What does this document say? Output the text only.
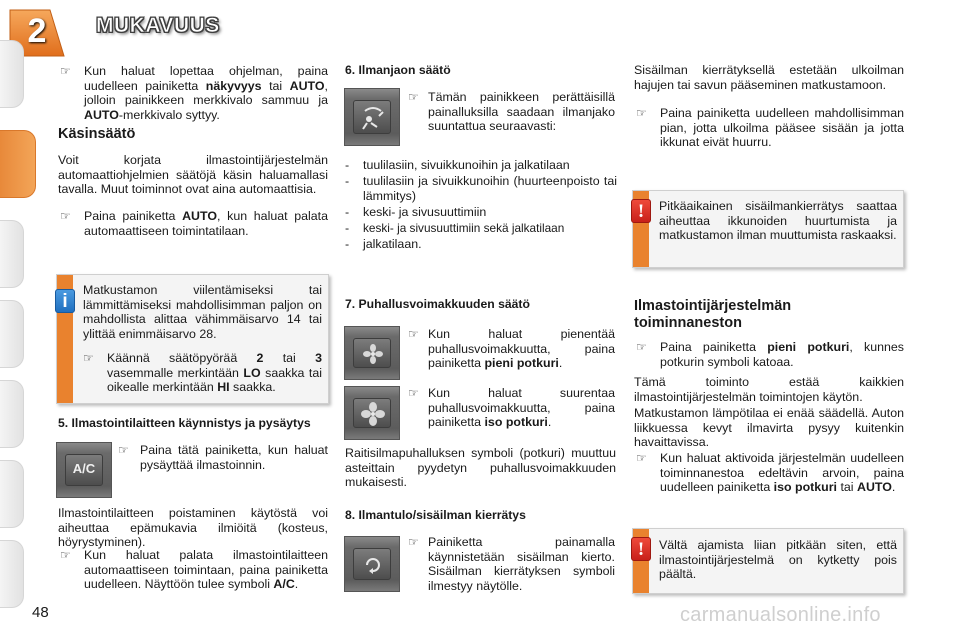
2	MUKAVUUS
☞ Kun haluat lopettaa ohjelman, paina uudelleen painiketta näkyvyys tai AUTO, jolloin painikkeen merkkivalo sammuu ja AUTO-merkkivalo syttyy.
Käsinsäätö
Voit korjata ilmastointijärjestelmän automaattiohjelmien säätöjä käsin haluamallasi tavalla. Muut toiminnot ovat aina automaattisia.
☞ Paina painiketta AUTO, kun haluat palata automaattiseen toimintatilaan.
i
Matkustamon viilentämiseksi tai lämmittämiseksi mahdollisimman paljon on mahdollista alittaa vähimmäisarvo 14 tai ylittää enimmäisarvo 28.
☞ Käännä säätöpyörää 2 tai 3 vasemmalle merkintään LO saakka tai oikealle merkintään HI saakka.
5. Ilmastointilaitteen käynnistys ja pysäytys
A/C
☞ Paina tätä painiketta, kun haluat pysäyttää ilmastoinnin.
Ilmastointilaitteen poistaminen käytöstä voi aiheuttaa epämukavia ilmiöitä (kosteus, höyrystyminen).
☞ Kun haluat palata ilmastointilaitteen automaattiseen toimintaan, paina painiketta uudelleen. Näyttöön tulee symboli A/C.
6. Ilmanjaon säätö
☞ Tämän painikkeen perättäisillä painalluksilla saadaan ilmanjako suuntattua seuraavasti:
- tuulilasiin, sivuikkunoihin ja jalkatilaan
- tuulilasiin ja sivuikkunoihin (huurteenpoisto tai lämmitys)
- keski- ja sivusuuttimiin
- keski- ja sivusuuttimiin sekä jalkatilaan
- jalkatilaan.
7. Puhallusvoimakkuuden säätö
☞ Kun haluat pienentää puhallusvoimakkuutta, paina painiketta pieni potkuri.
☞ Kun haluat suurentaa puhallusvoimakkuutta, paina painiketta iso potkuri.
Raitisilmapuhalluksen symboli (potkuri) muuttuu asteittain pyydetyn puhallusvoimakkuuden mukaisesti.
8. Ilmantulo/sisäilman kierrätys
☞ Painiketta painamalla käynnistetään sisäilman kierto. Sisäilman kierrätyksen symboli ilmestyy näytölle.
Sisäilman kierrätyksellä estetään ulkoilman hajujen tai savun pääseminen matkustamoon.
☞ Paina painiketta uudelleen mahdollisimman pian, jotta ulkoilma pääsee sisään ja jotta ikkunat eivät huurru.
!	Pitkäaikainen sisäilmankierrätys saattaa aiheuttaa ikkunoiden huurtumista ja matkustamon ilman muuttumista raskaaksi.
Ilmastointijärjestelmän toiminnaneston
☞ Paina painiketta pieni potkuri, kunnes potkurin symboli katoaa.
Tämä toiminto estää kaikkien ilmastointijärjestelmän toimintojen käytön.
Matkustamon lämpötilaa ei enää säädellä. Auton liikkuessa kevyt ilmavirta pysyy kuitenkin havaittavissa.
☞ Kun haluat aktivoida järjestelmän uudelleen toiminnanestoa edeltävin arvoin, paina uudelleen painiketta iso potkuri tai AUTO.
!	Vältä ajamista liian pitkään siten, että ilmastointijärjestelmä on kytketty pois päältä.
48	carmanualsonline.info
